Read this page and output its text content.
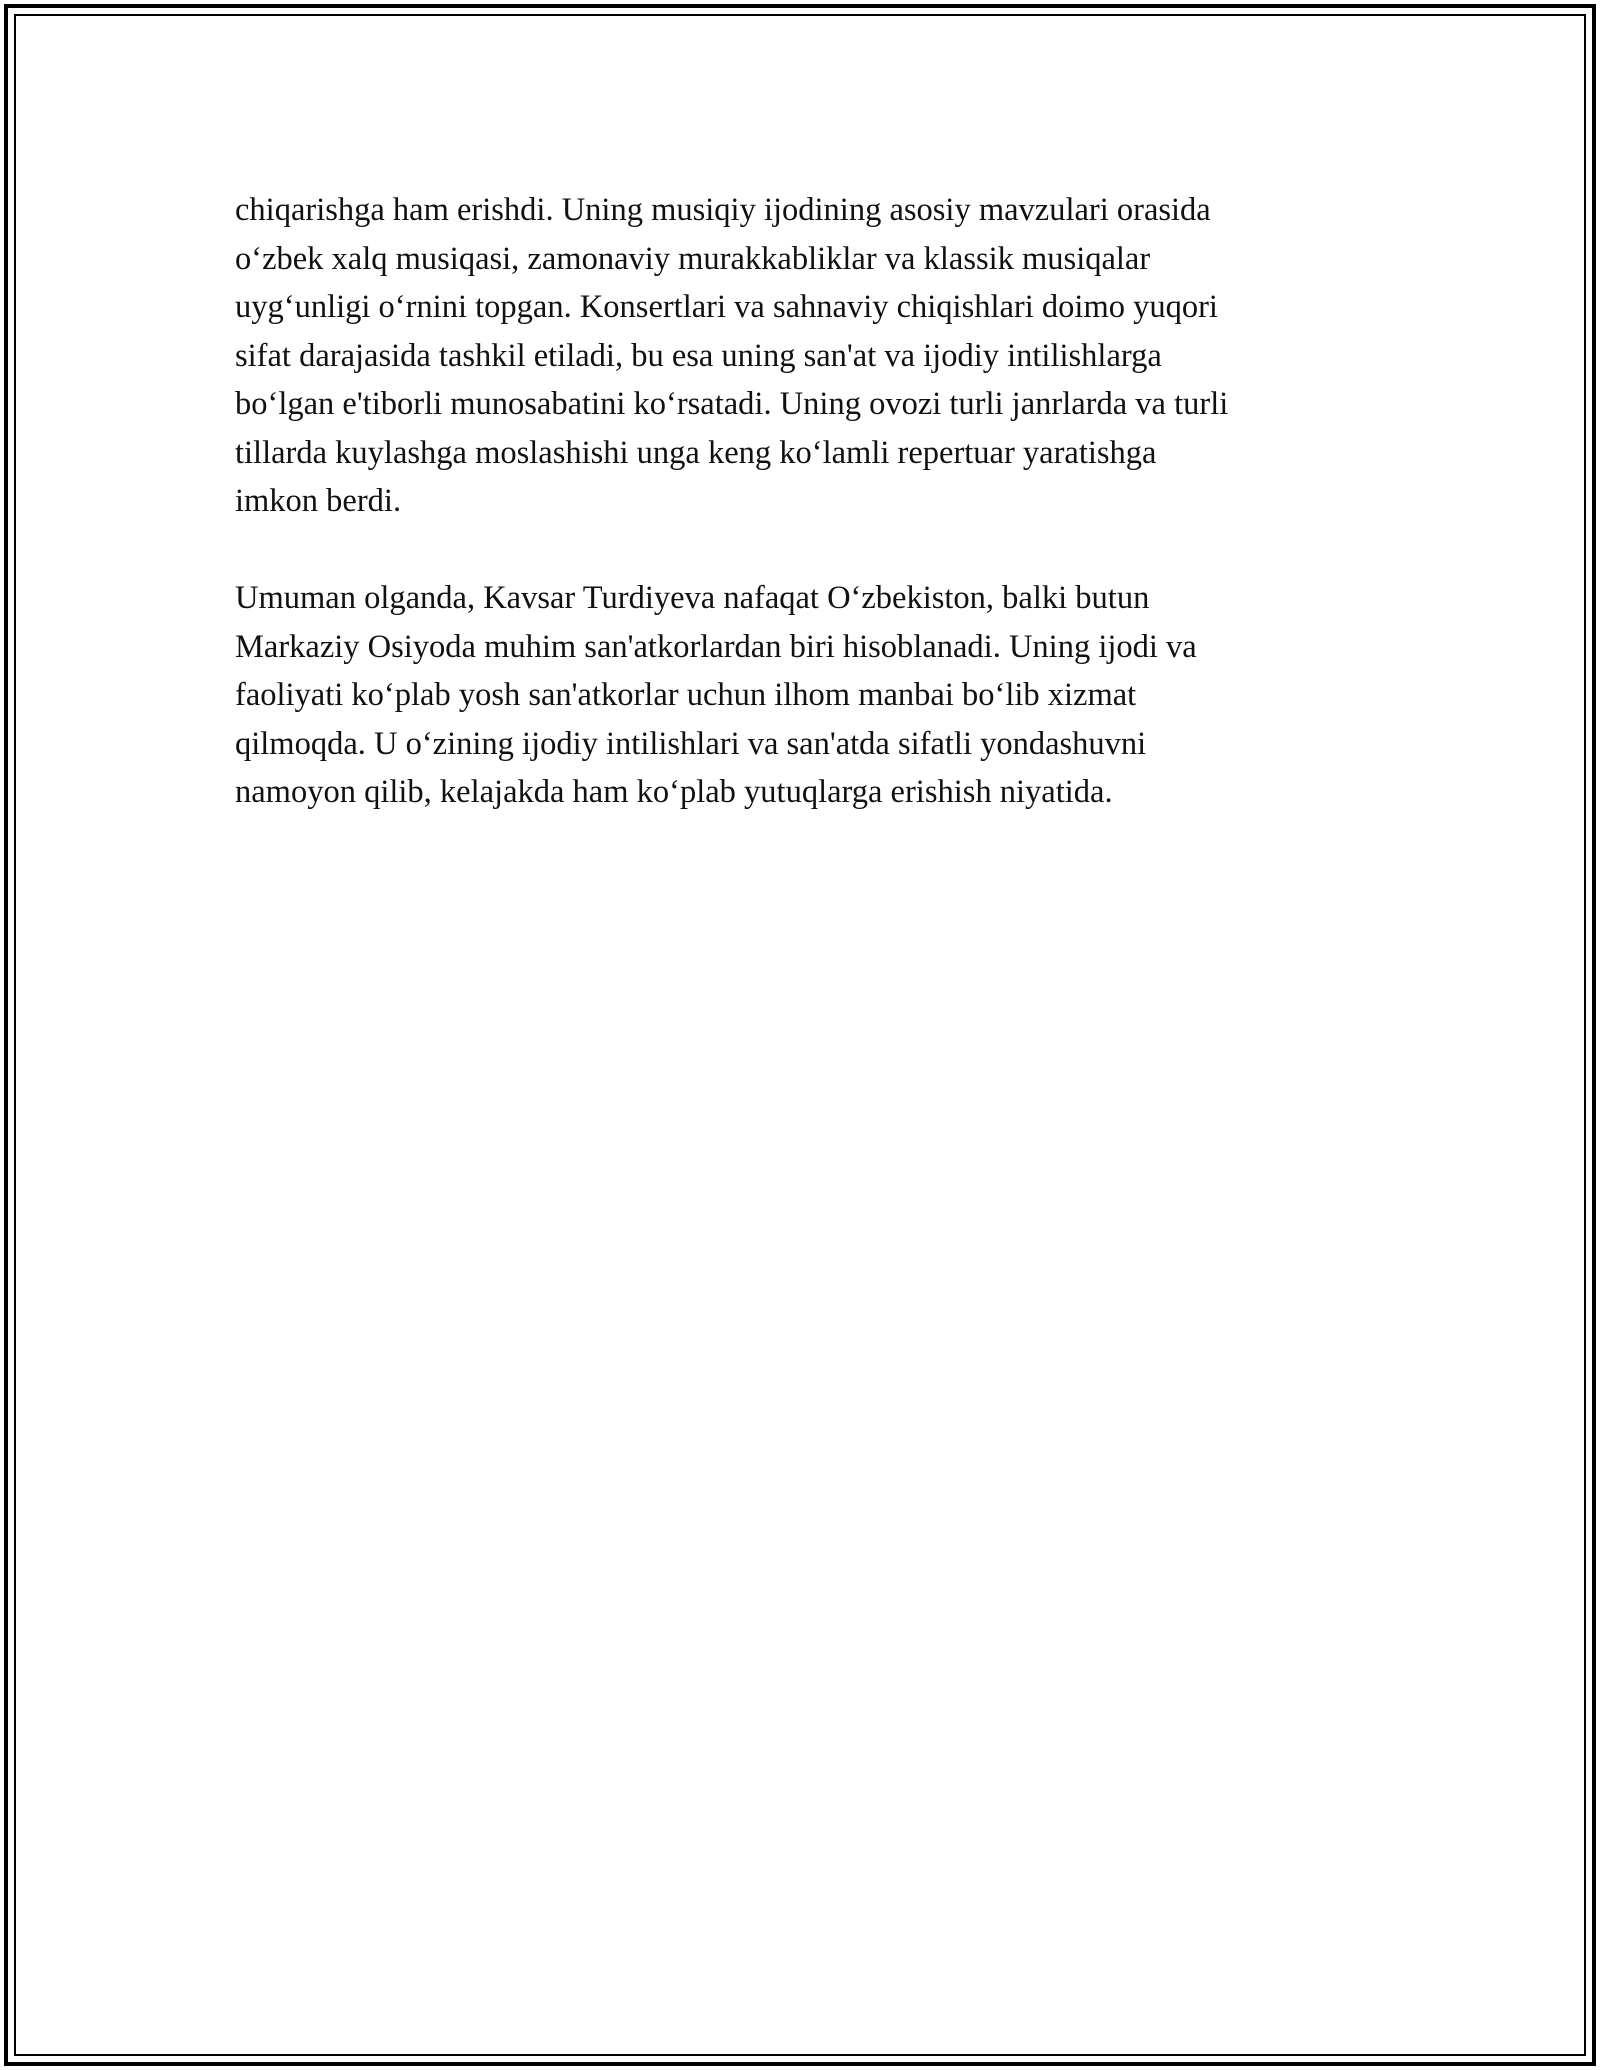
chiqarishga ham erishdi. Uning musiqiy ijodining asosiy mavzulari orasida
o‘zbek xalq musiqasi, zamonaviy murakkabliklar va klassik musiqalar
uyg‘unligi o‘rnini topgan. Konsertlari va sahnaviy chiqishlari doimo yuqori
sifat darajasida tashkil etiladi, bu esa uning san'at va ijodiy intilishlarga
bo‘lgan e'tiborli munosabatini ko‘rsatadi. Uning ovozi turli janrlarda va turli
tillarda kuylashga moslashishi unga keng ko‘lamli repertuar yaratishga
imkon berdi.

Umuman olganda, Kavsar Turdiyeva nafaqat O‘zbekiston, balki butun
Markaziy Osiyoda muhim san'atkorlardan biri hisoblanadi. Uning ijodi va
faoliyati ko‘plab yosh san'atkorlar uchun ilhom manbai bo‘lib xizmat
qilmoqda. U o‘zining ijodiy intilishlari va san'atda sifatli yondashuvni
namoyon qilib, kelajakda ham ko‘plab yutuqlarga erishish niyatida.
